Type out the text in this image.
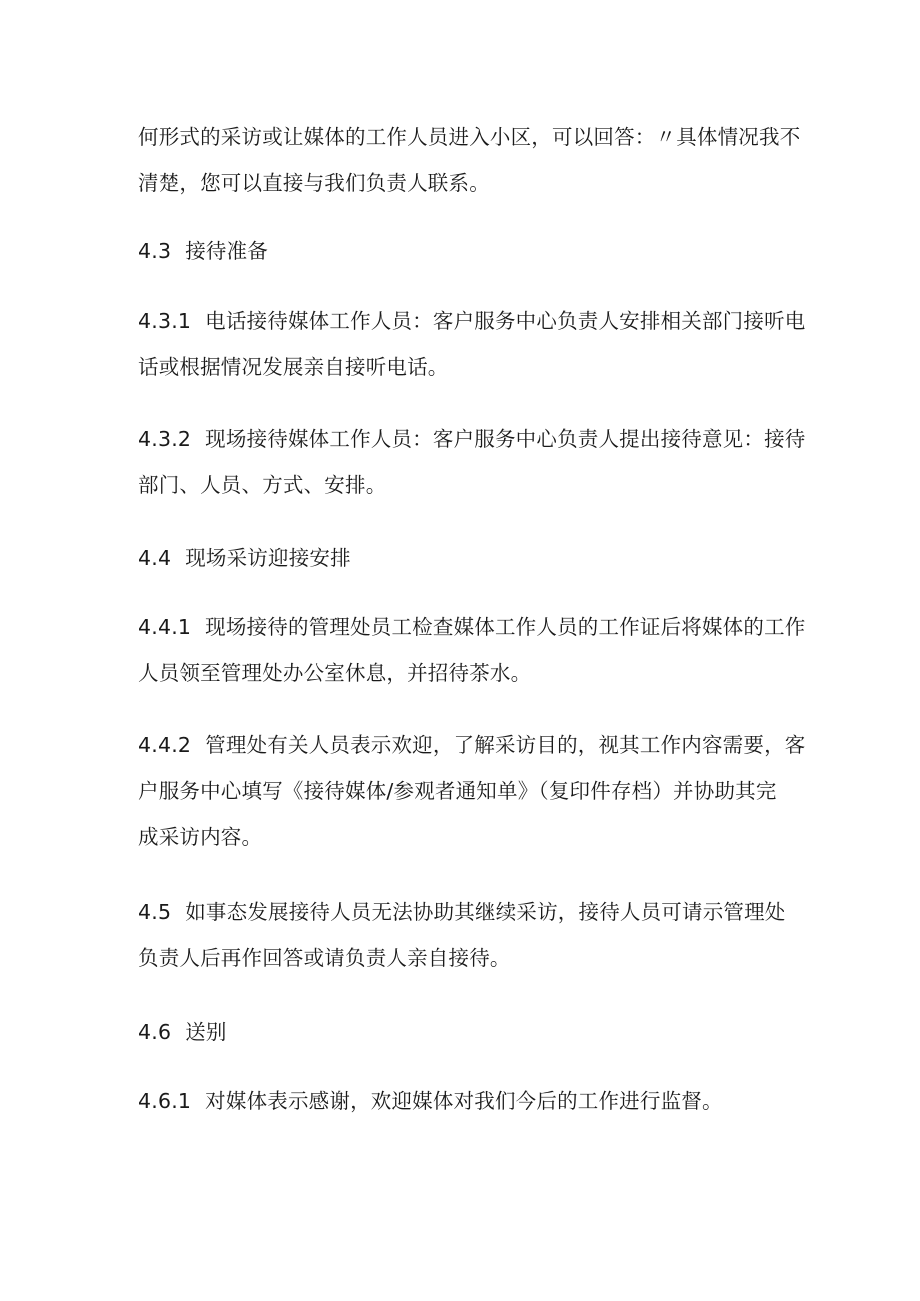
何形式的采访或让媒体的工作人员进入小区，可以回答：〃具体情况我不
清楚，您可以直接与我们负责人联系。
4.3 接待准备
4.3.1 电话接待媒体工作人员：客户服务中心负责人安排相关部门接听电
话或根据情况发展亲自接听电话。
4.3.2 现场接待媒体工作人员：客户服务中心负责人提出接待意见：接待
部门、人员、方式、安排。
4.4 现场采访迎接安排
4.4.1 现场接待的管理处员工检查媒体工作人员的工作证后将媒体的工作
人员领至管理处办公室休息，并招待茶水。
4.4.2 管理处有关人员表示欢迎，了解采访目的，视其工作内容需要，客
户服务中心填写《接待媒体/参观者通知单》（复印件存档）并协助其完
成采访内容。
4.5 如事态发展接待人员无法协助其继续采访，接待人员可请示管理处
负责人后再作回答或请负责人亲自接待。
4.6 送别
4.6.1 对媒体表示感谢，欢迎媒体对我们今后的工作进行监督。
